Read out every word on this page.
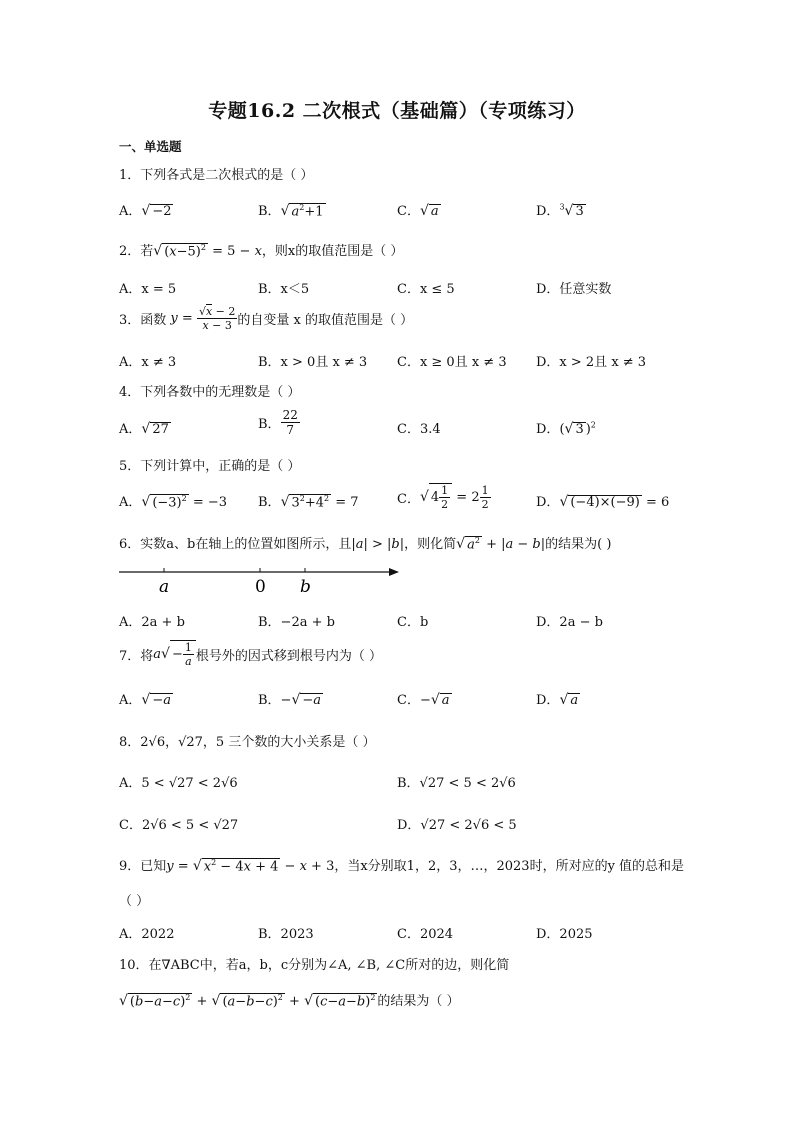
专题16.2 二次根式（基础篇）（专项练习）
一、单选题
1．下列各式是二次根式的是（ ）
A．√ −2	B．√ $a^2+1$	C．√ a	D．$^3$√ 3
2．若√ $(x-5)^2 = 5 - x$，则x的取值范围是（ ）
A．x = 5	B．x＜5	C．x ≤ 5	D．任意实数
3．函数 $y = \frac{√x - 2}{x - 3}$ 的自变量 x 的取值范围是（ ）
A．x ≠ 3	B．x > 0且 x ≠ 3 C．x ≥ 0且 x ≠ 3 D．x > 2且 x ≠ 3
4．下列各数中的无理数是（ ）
A．√ 27	B． $\frac{22}{7}$	C．3.4̇	D．(√ 3 )$^2$
5．下列计算中，正确的是（ ）
A．√ $(-3)^2 = -3$ B．√ $3^2+4^2 = 7$	C． √ $4 \frac{1}{2} = 2 \frac{1}{2}$	D．√ (−4)×(−9) = 6
6．实数a、b在轴上的位置如图所示，且|a| > |b|，则化简√ $a^2 + |a - b|$的结果为( )
a	0 b
A．2a + b	B．−2a + b	C．b	D．2a − b
7．将 a √ − $\frac{1}{a}$ 根号外的因式移到根号内为（ ）
A．√ −a	B．−√ −a	C．−√ a	D．√ a
8．2√6，√27，5 三个数的大小关系是（ ）
A．5 < √27 < 2√6	B．√27 < 5 < 2√6
C．2√6 < 5 < √27	D．√27 < 2√6 < 5
9．已知y = √ $x^2 - 4x + 4 - x + 3$，当x分别取1，2，3，…，2023时，所对应的y 值的总和是
（ ）
A．2022	B．2023	C．2024	D．2025
10．在∇ABC中，若a，b，c分别为∠A, ∠B, ∠C所对的边，则化简
√ $(b-a-c)^2$ + √ $(a-b-c)^2$ + √ $(c-a-b)^2$ 的结果为（ ）
